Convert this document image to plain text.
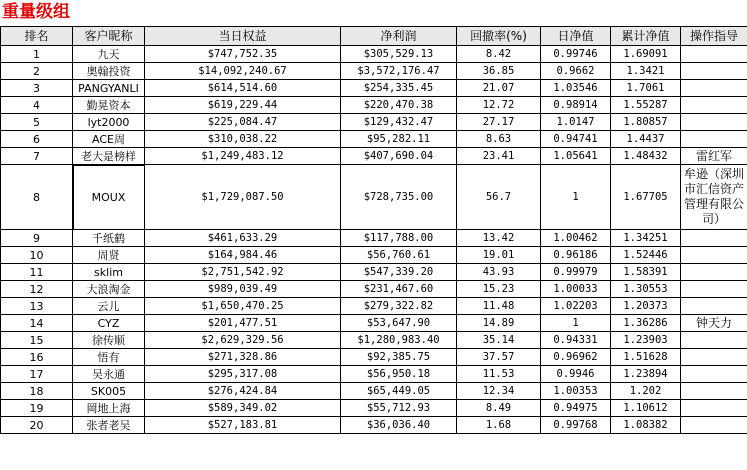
重量级组
排名	客户昵称	当日权益	净利润	回撤率(%)	日净值	累计净值	操作指导
1	九天	$747,752.35	$305,529.13	8.42	0.99746	1.69091	
2	奥翰投资	$14,092,240.67	$3,572,176.47	36.85	0.9662	1.3421	
3	PANGYANLI	$614,514.60	$254,335.45	21.07	1.03546	1.7061	
4	勤晃资本	$619,229.44	$220,470.38	12.72	0.98914	1.55287	
5	lyt2000	$225,084.47	$129,432.47	27.17	1.0147	1.80857	
6	ACE周	$310,038.22	$95,282.11	8.63	0.94741	1.4437	
7	老大是榜样	$1,249,483.12	$407,690.04	23.41	1.05641	1.48432	雷红军
8	MOUX	$1,729,087.50	$728,735.00	56.7	1	1.67705	牟逊（深圳市汇信资产管理有限公司）
9	千纸鹤	$461,633.29	$117,788.00	13.42	1.00462	1.34251	
10	周贤	$164,984.46	$56,760.61	19.01	0.96186	1.52446	
11	sklim	$2,751,542.92	$547,339.20	43.93	0.99979	1.58391	
12	大浪淘金	$989,039.49	$231,467.60	15.23	1.00033	1.30553	
13	云儿	$1,650,470.25	$279,322.82	11.48	1.02203	1.20373	
14	CYZ	$201,477.51	$53,647.90	14.89	1	1.36286	钟天力
15	徐传顺	$2,629,329.56	$1,280,983.40	35.14	0.94331	1.23903	
16	悟有	$271,328.86	$92,385.75	37.57	0.96962	1.51628	
17	吴永通	$295,317.08	$56,950.18	11.53	0.9946	1.23894	
18	SK005	$276,424.84	$65,449.05	12.34	1.00353	1.202	
19	岡地上海	$589,349.02	$55,712.93	8.49	0.94975	1.10612	
20	张者老吴	$527,183.81	$36,036.40	1.68	0.99768	1.08382	
